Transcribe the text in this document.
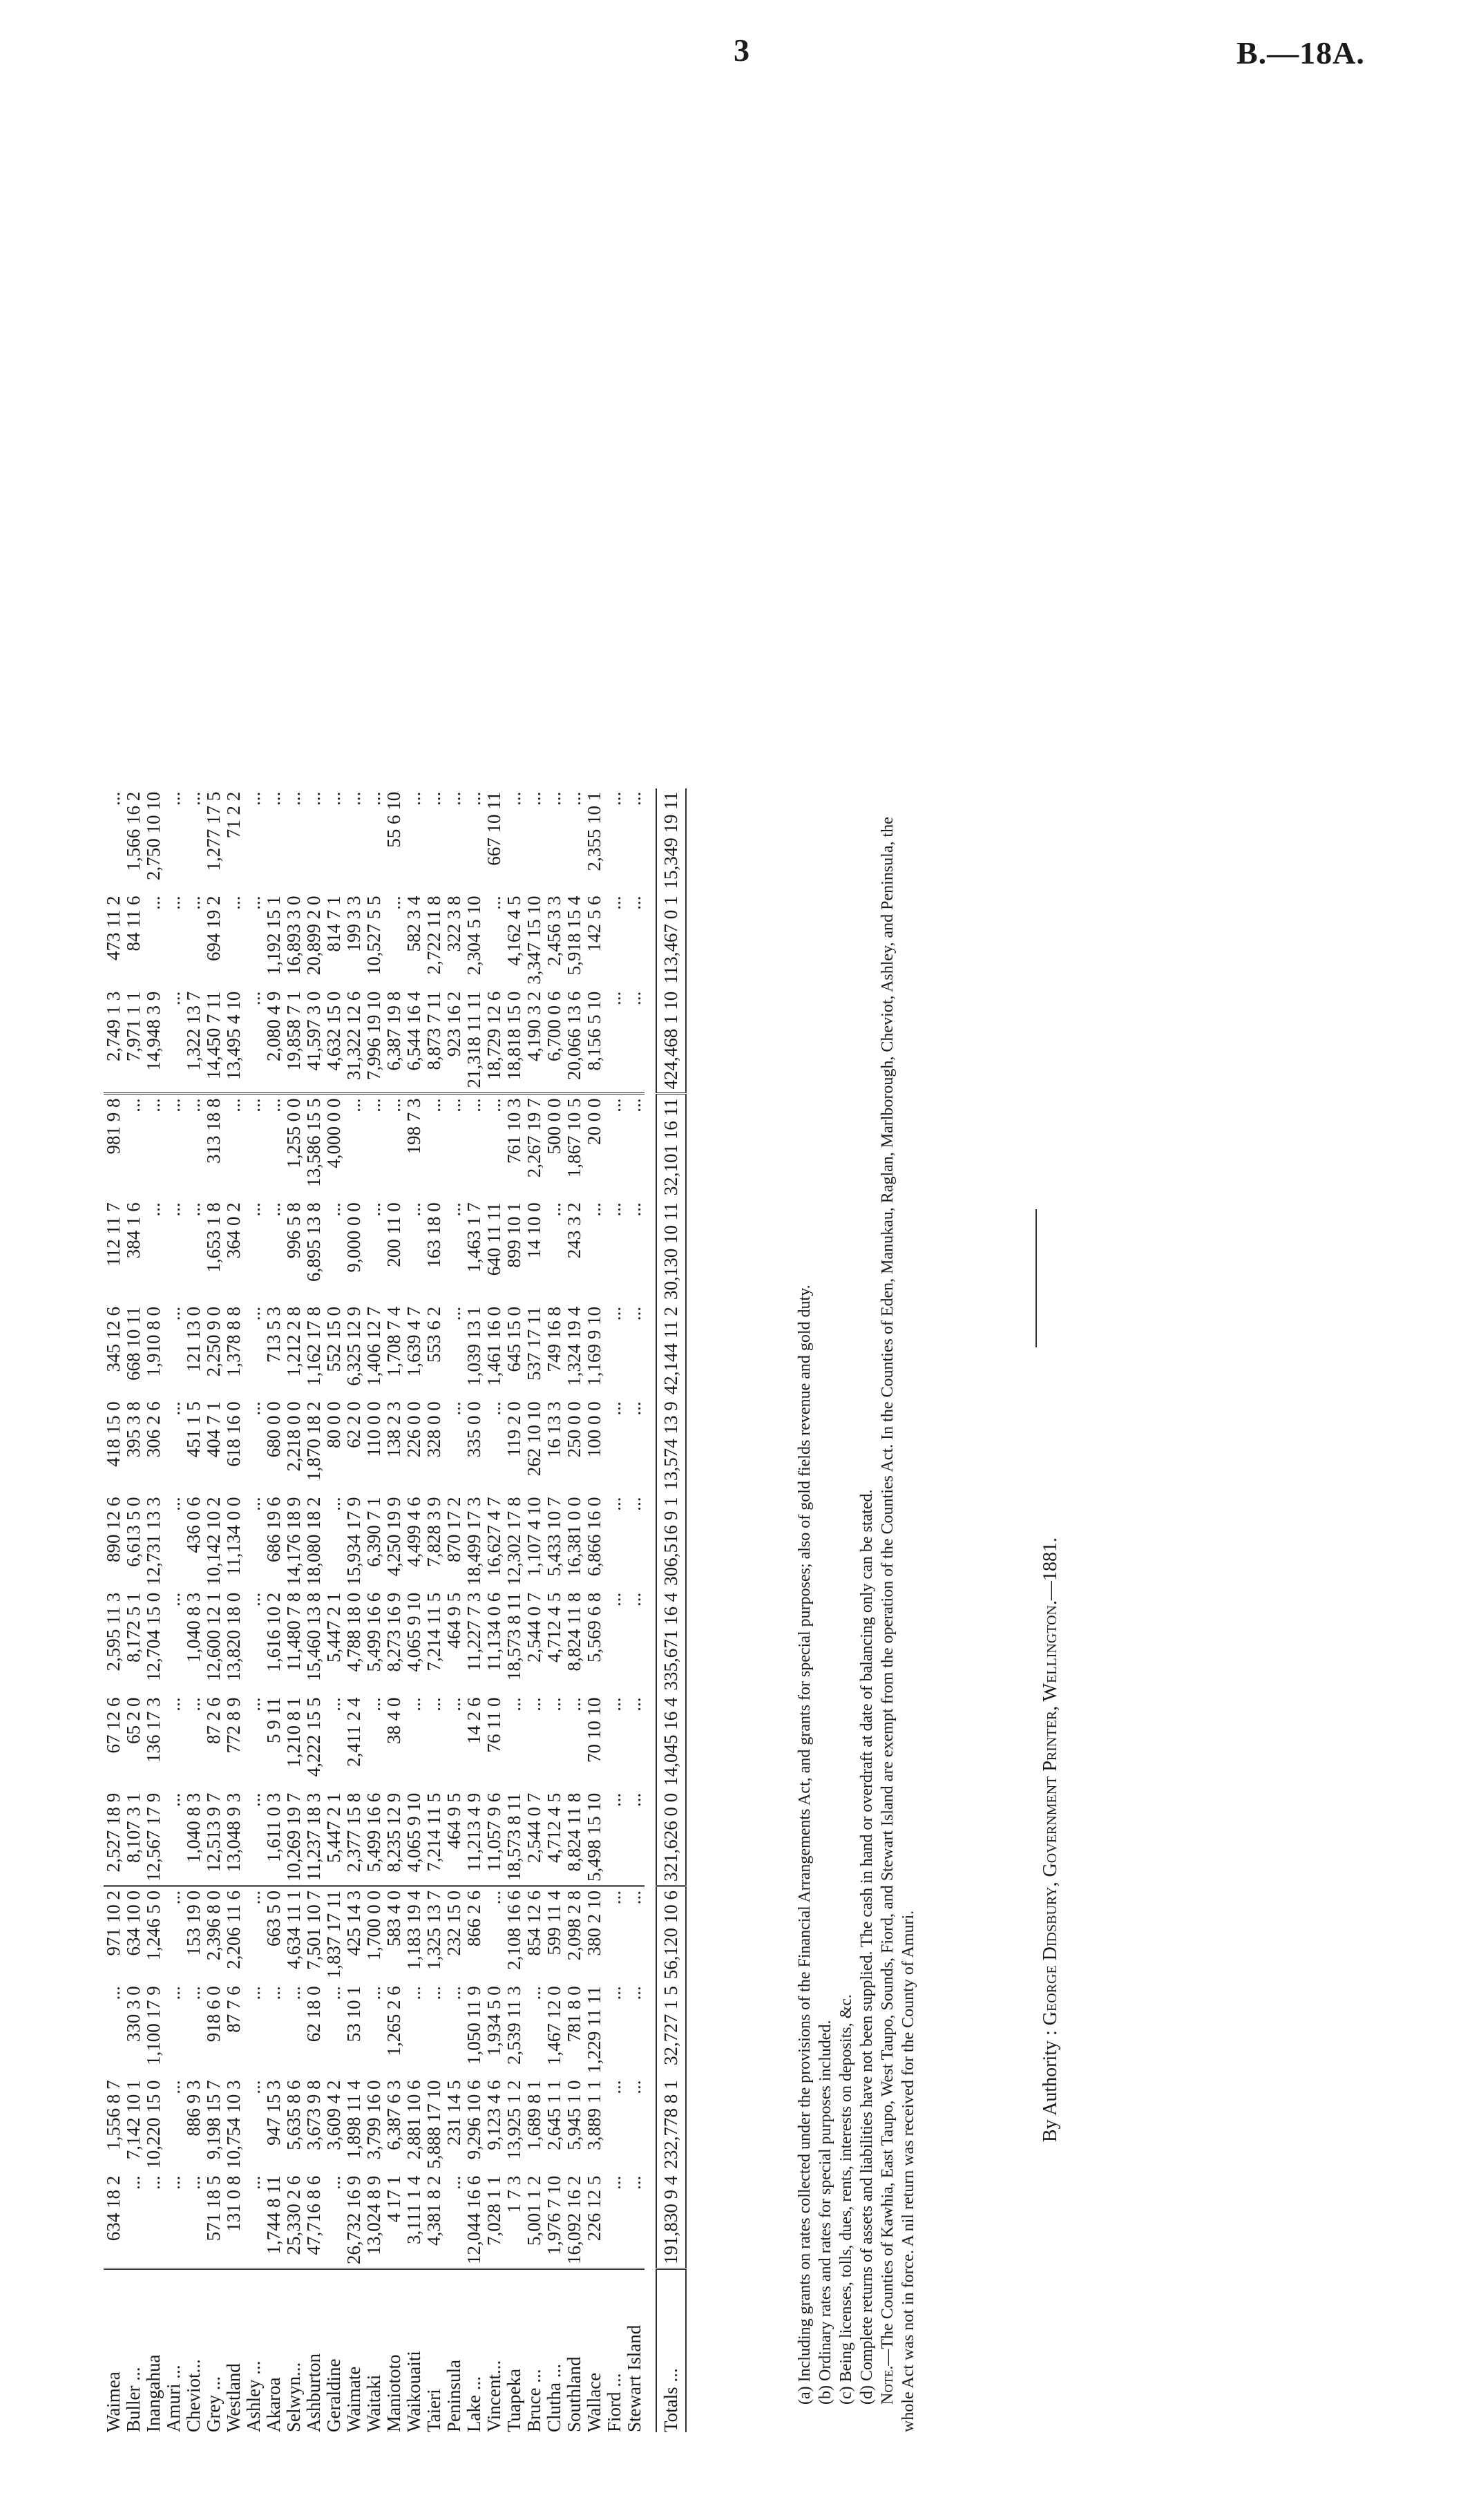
3	B.—18A.
Waimea	634 18 2	1,556 8 7	...	971 10 2	2,527 18 9	67 12 6	2,595 11 3	890 12 6	418 15 0	345 12 6	112 11 7	981 9 8	2,749 1 3	473 11 2	...
Buller ...	...	7,142 10 1	330 3 0	634 10 0	8,107 3 1	65 2 0	8,172 5 1	6,613 5 0	395 3 8	668 10 11	384 1 6	...	7,971 1 1	84 11 6	1,566 16 2
Inangahua	...	10,220 15 0	1,100 17 9	1,246 5 0	12,567 17 9	136 17 3	12,704 15 0	12,731 13 3	306 2 6	1,910 8 0	...	...	14,948 3 9	...	2,750 10 10
Amuri ...	...	...	...	...	...	...	...	...	...	...	...	...	...	...	...
Cheviot...	...	886 9 3	...	153 19 0	1,040 8 3	...	1,040 8 3	436 0 6	451 1 5	121 13 0	...	...	1,322 13 7	...	...
Grey ...	571 18 5	9,198 15 7	918 6 0	2,396 8 0	12,513 9 7	87 2 6	12,600 12 1	10,142 10 2	404 7 1	2,250 9 0	1,653 1 8	313 18 8	14,450 7 11	694 19 2	1,277 17 5
Westland	131 0 8	10,754 10 3	87 7 6	2,206 11 6	13,048 9 3	772 8 9	13,820 18 0	11,134 0 0	618 16 0	1,378 8 8	364 0 2	...	13,495 4 10	...	71 2 2
Ashley ...	...	...	...	...	...	...	...	...	...	...	...	...	...	...	...
Akaroa	1,744 8 11	947 15 3	...	663 5 0	1,611 0 3	5 9 11	1,616 10 2	686 19 6	680 0 0	713 5 3	...	...	2,080 4 9	1,192 15 1	...
Selwyn...	25,330 2 6	5,635 8 6	...	4,634 11 1	10,269 19 7	1,210 8 1	11,480 7 8	14,176 18 9	2,218 0 0	1,212 2 8	996 5 8	1,255 0 0	19,858 7 1	16,893 3 0	...
Ashburton	47,716 8 6	3,673 9 8	62 18 0	7,501 10 7	11,237 18 3	4,222 15 5	15,460 13 8	18,080 18 2	1,870 18 2	1,162 17 8	6,895 13 8	13,586 15 5	41,597 3 0	20,899 2 0	...
Geraldine	...	3,609 4 2	...	1,837 17 11	5,447 2 1	...	5,447 2 1	...	80 0 0	552 15 0	...	4,000 0 0	4,632 15 0	814 7 1	...
Waimate	26,732 16 9	1,898 11 4	53 10 1	425 14 3	2,377 15 8	2,411 2 4	4,788 18 0	15,934 17 9	62 2 0	6,325 12 9	9,000 0 0	...	31,322 12 6	199 3 3	...
Waitaki	13,024 8 9	3,799 16 0	...	1,700 0 0	5,499 16 6	...	5,499 16 6	6,390 7 1	110 0 0	1,406 12 7	...	...	7,996 19 10	10,527 5 5	...
Maniototo	4 17 1	6,387 6 3	1,265 2 6	583 4 0	8,235 12 9	38 4 0	8,273 16 9	4,250 19 9	138 2 3	1,708 7 4	200 11 0	...	6,387 19 8	...	55 6 10
Waikouaiti	3,111 1 4	2,881 10 6	...	1,183 19 4	4,065 9 10	...	4,065 9 10	4,499 4 6	226 0 0	1,639 4 7	...	198 7 3	6,544 16 4	582 3 4	...
Taieri	4,381 8 2	5,888 17 10	...	1,325 13 7	7,214 11 5	...	7,214 11 5	7,828 3 9	328 0 0	553 6 2	163 18 0	...	8,873 7 11	2,722 11 8	...
Peninsula	...	231 14 5	...	232 15 0	464 9 5	...	464 9 5	870 17 2	...	...	...	...	923 16 2	322 3 8	...
Lake ...	12,044 16 6	9,296 10 6	1,050 11 9	866 2 6	11,213 4 9	14 2 6	11,227 7 3	18,499 17 3	335 0 0	1,039 13 1	1,463 1 7	...	21,318 11 11	2,304 5 10	...
Vincent...	7,028 1 1	9,123 4 6	1,934 5 0	...	11,057 9 6	76 11 0	11,134 0 6	16,627 4 7	...	1,461 16 0	640 11 11	...	18,729 12 6	...	667 10 11
Tuapeka	1 7 3	13,925 1 2	2,539 11 3	2,108 16 6	18,573 8 11	...	18,573 8 11	12,302 17 8	119 2 0	645 15 0	899 10 1	761 10 3	18,818 15 0	4,162 4 5	...
Bruce ...	5,001 1 2	1,689 8 1	...	854 12 6	2,544 0 7	...	2,544 0 7	1,107 4 10	262 10 10	537 17 11	14 10 0	2,267 19 7	4,190 3 2	3,347 15 10	...
Clutha ...	1,976 7 10	2,645 1 1	1,467 12 0	599 11 4	4,712 4 5	...	4,712 4 5	5,433 10 7	16 13 3	749 16 8	...	500 0 0	6,700 0 6	2,456 3 3	...
Southland	16,092 16 2	5,945 1 0	781 8 0	2,098 2 8	8,824 11 8	...	8,824 11 8	16,381 0 0	250 0 0	1,324 19 4	243 3 2	1,867 10 5	20,066 13 6	5,918 15 4	...
Wallace	226 12 5	3,889 1 1	1,229 11 11	380 2 10	5,498 15 10	70 10 10	5,569 6 8	6,866 16 0	100 0 0	1,169 9 10	...	20 0 0	8,156 5 10	142 5 6	2,355 10 1
Fiord ...	...	...	...	...	...	...	...	...	...	...	...	...	...	...	...
Stewart Island	...	...	...	...	...	...	...	...	...	...	...	...	...	...	...

Totals ...	191,830 9 4	232,778 8 1	32,727 1 5	56,120 10 6	321,626 0 0	14,045 16 4	335,671 16 4	306,516 9 1	13,574 13 9	42,144 11 2	30,130 10 11	32,101 16 11	424,468 1 10	113,467 0 1	15,349 19 11
(a) Including grants on rates collected under the provisions of the Financial Arrangements Act, and grants for special purposes; also of gold fields revenue and gold duty. (b) Ordinary rates and rates for special purposes included. (c) Being licenses, tolls, dues, rents, interests on deposits, &c. (d) Complete returns of assets and liabilities have not been supplied. The cash in hand or overdraft at date of balancing only can be stated. Note.—The Counties of Kawhia, East Taupo, West Taupo, Sounds, Fiord, and Stewart Island are exempt from the operation of the Counties Act. In the Counties of Eden, Manukau, Raglan, Marlborough, Cheviot, Ashley, and Peninsula, the whole Act was not in force. A nil return was received for the County of Amuri.	By Authority : George Didsbury, Government Printer, Wellington.—1881.
